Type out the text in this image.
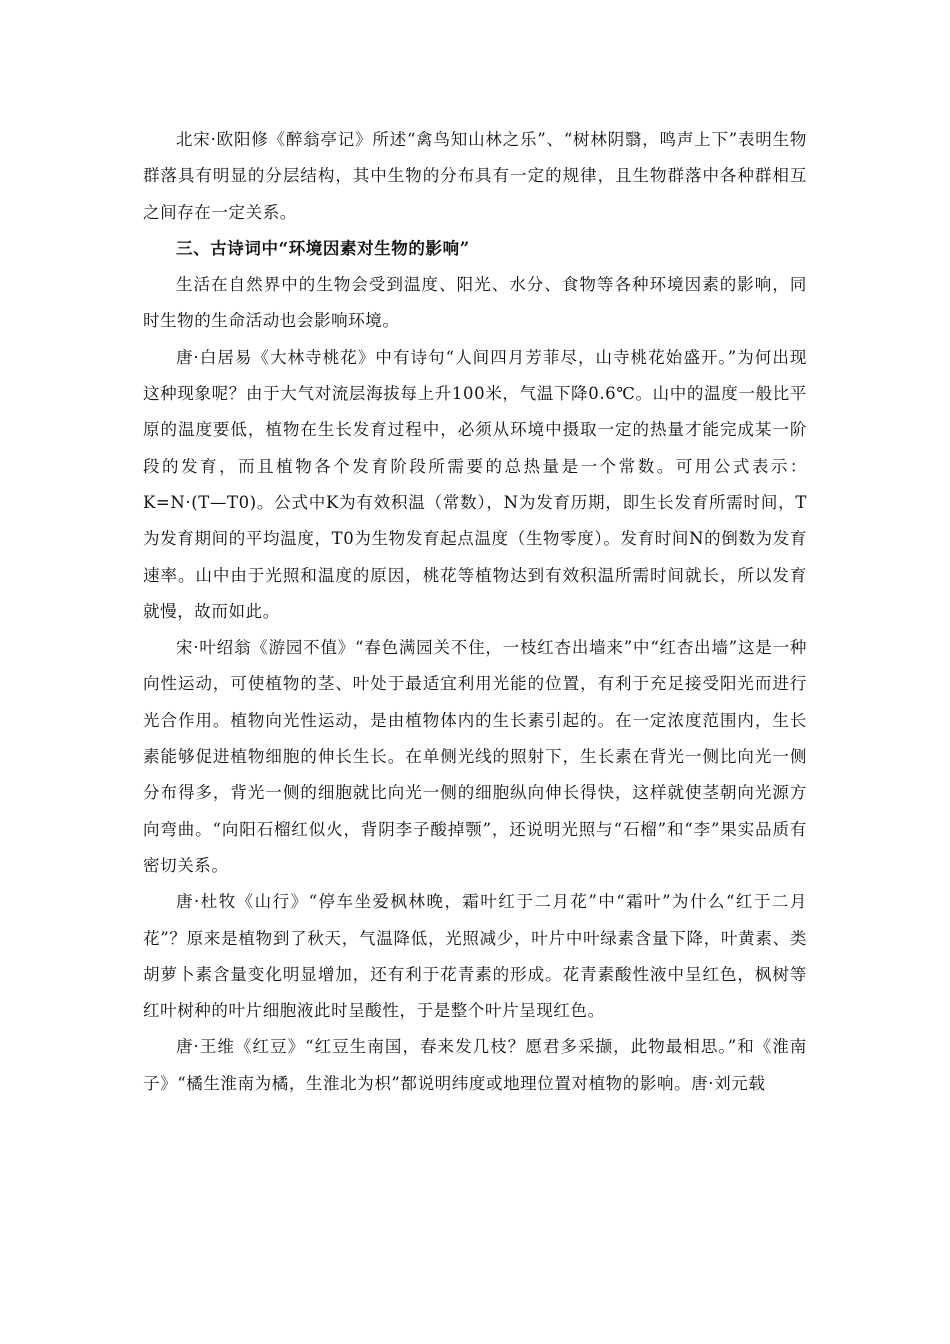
北宋·欧阳修《醉翁亭记》所述“禽鸟知山林之乐”、“树林阴翳，鸣声上下”表明生物群落具有明显的分层结构，其中生物的分布具有一定的规律，且生物群落中各种群相互之间存在一定关系。

三、古诗词中“环境因素对生物的影响”

生活在自然界中的生物会受到温度、阳光、水分、食物等各种环境因素的影响，同时生物的生命活动也会影响环境。

唐·白居易《大林寺桃花》中有诗句“人间四月芳菲尽，山寺桃花始盛开。”为何出现这种现象呢？由于大气对流层海拔每上升100米，气温下降0.6℃。山中的温度一般比平原的温度要低，植物在生长发育过程中，必须从环境中摄取一定的热量才能完成某一阶段的发育，而且植物各个发育阶段所需要的总热量是一个常数。可用公式表示：K=N·(T—T0)。公式中K为有效积温（常数），N为发育历期，即生长发育所需时间，T为发育期间的平均温度，T0为生物发育起点温度（生物零度）。发育时间N的倒数为发育速率。山中由于光照和温度的原因，桃花等植物达到有效积温所需时间就长，所以发育就慢，故而如此。

宋·叶绍翁《游园不值》“春色满园关不住，一枝红杏出墙来”中“红杏出墙”这是一种向性运动，可使植物的茎、叶处于最适宜利用光能的位置，有利于充足接受阳光而进行光合作用。植物向光性运动，是由植物体内的生长素引起的。在一定浓度范围内，生长素能够促进植物细胞的伸长生长。在单侧光线的照射下，生长素在背光一侧比向光一侧分布得多，背光一侧的细胞就比向光一侧的细胞纵向伸长得快，这样就使茎朝向光源方向弯曲。“向阳石榴红似火，背阴李子酸掉颚”，还说明光照与“石榴”和“李”果实品质有密切关系。

唐·杜牧《山行》“停车坐爱枫林晚，霜叶红于二月花”中“霜叶”为什么“红于二月花”？原来是植物到了秋天，气温降低，光照减少，叶片中叶绿素含量下降，叶黄素、类胡萝卜素含量变化明显增加，还有利于花青素的形成。花青素酸性液中呈红色，枫树等红叶树种的叶片细胞液此时呈酸性，于是整个叶片呈现红色。

唐·王维《红豆》“红豆生南国，春来发几枝？愿君多采撷，此物最相思。”和《淮南子》“橘生淮南为橘，生淮北为枳”都说明纬度或地理位置对植物的影响。唐·刘元载
